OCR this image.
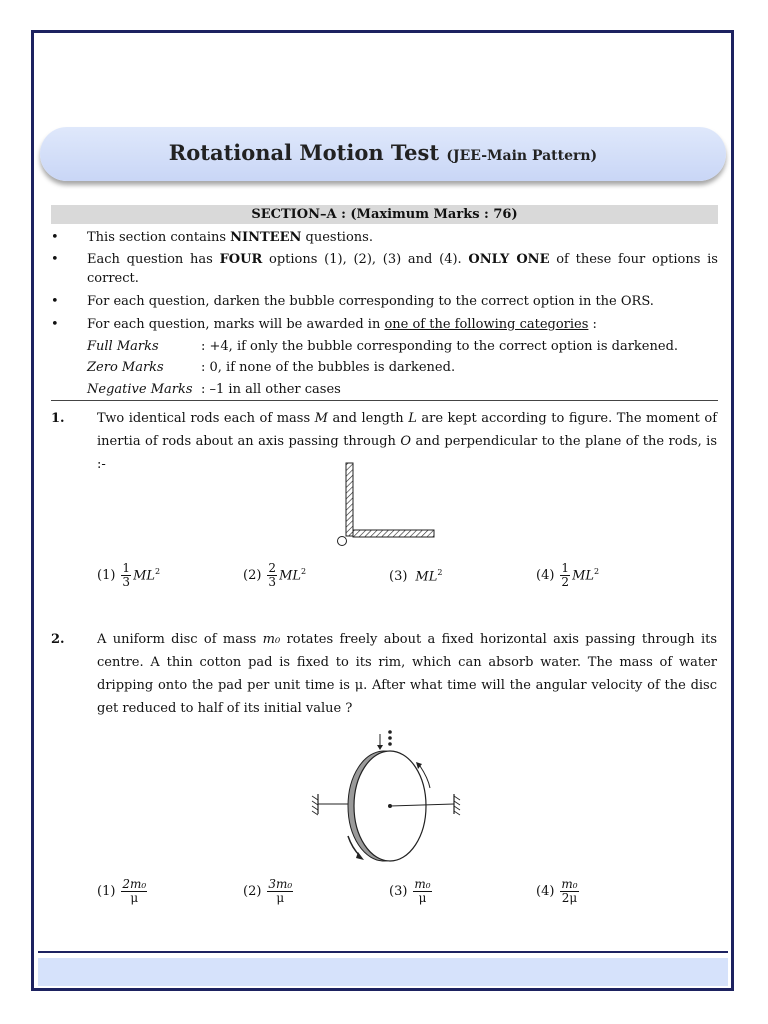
Rotational Motion Test (JEE-Main Pattern)
SECTION–A : (Maximum Marks : 76)
• This section contains NINTEEN questions.
• Each question has FOUR options (1), (2), (3) and (4). ONLY ONE of these four options is correct.
• For each question, darken the bubble corresponding to the correct option in the ORS.
• For each question, marks will be awarded in one of the following categories :
Full Marks	: +4, if only the bubble corresponding to the correct option is darkened.
Zero Marks	: 0, if none of the bubbles is darkened.
Negative Marks : –1 in all other cases
1. Two identical rods each of mass M and length L are kept according to figure. The moment of inertia of rods about an axis passing through O and perpendicular to the plane of the rods, is :-
$(1) \frac{1}{3} ML^2$	$(2) \frac{2}{3} ML^2$	(3) $ML^2$	$(4) \frac{1}{2} ML^2$
2. A uniform disc of mass m₀ rotates freely about a fixed horizontal axis passing through its centre. A thin cotton pad is fixed to its rim, which can absorb water. The mass of water dripping onto the pad per unit time is μ. After what time will the angular velocity of the disc get reduced to half of its initial value ?
$(1) \frac{\text{2m₀}}{\mu}$	$(2) \frac{\text{3m₀}}{\mu}$	$(3) \frac{\text{m₀}}{\mu}$	$(4) \frac{\text{m₀}}{2\mu}$
